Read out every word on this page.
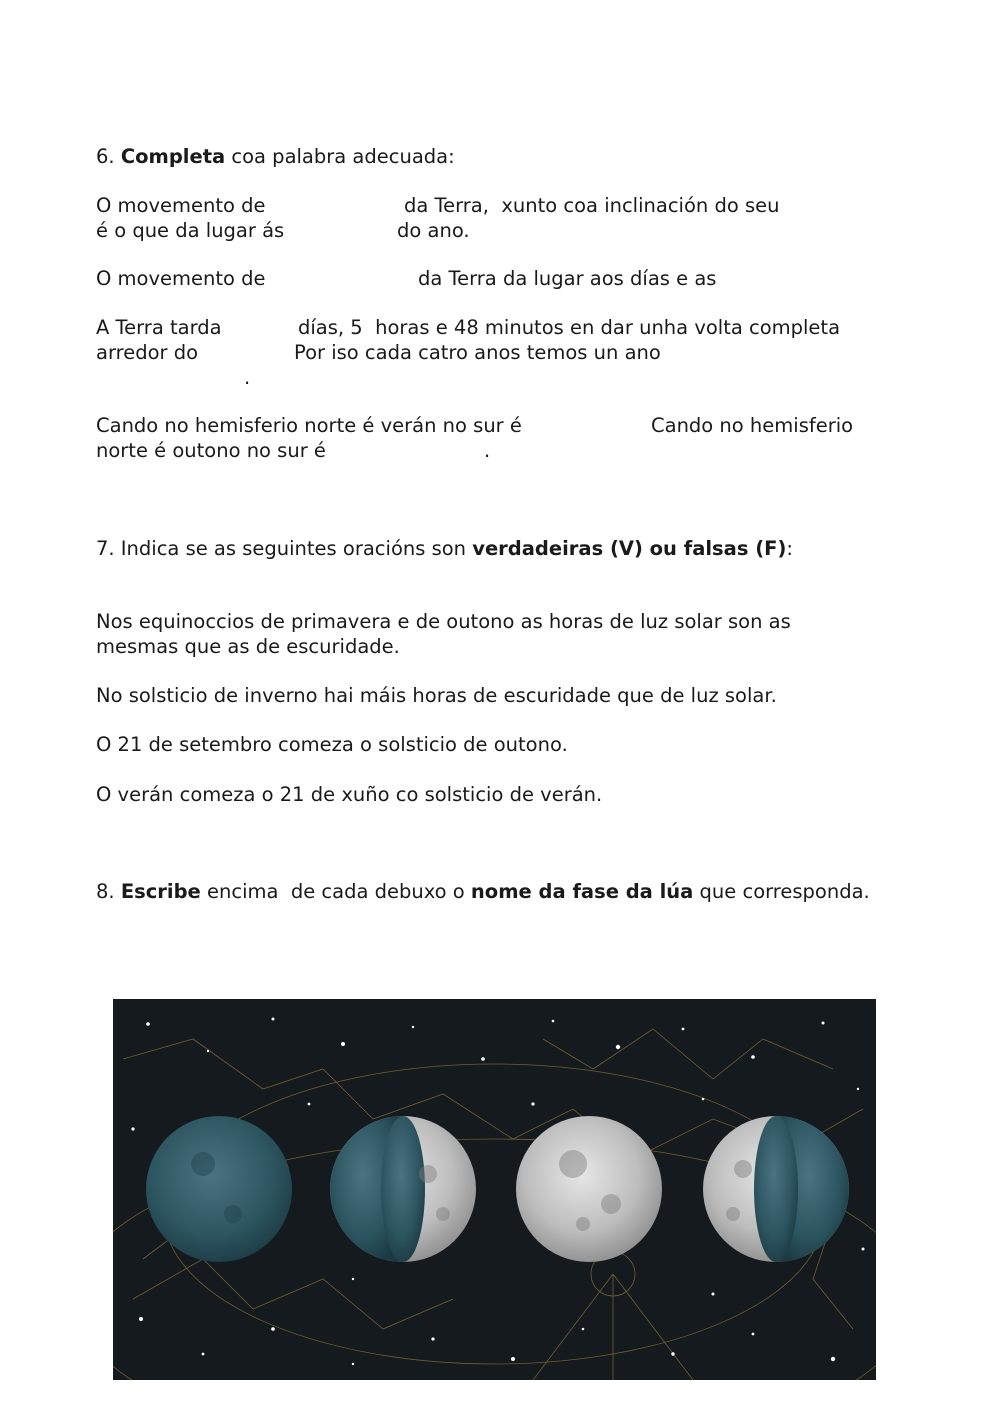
6. Completa coa palabra adecuada:
O movemento de	da Terra,  xunto coa inclinación do seu
é o que da lugar ás	do ano.
O movemento de	da Terra da lugar aos días e as
A Terra tarda	días, 5  horas e 48 minutos en dar unha volta completa
arredor do	Por iso cada catro anos temos un ano
.
Cando no hemisferio norte é verán no sur é	Cando no hemisferio
norte é outono no sur é	.
7. Indica se as seguintes oracións son verdadeiras (V) ou falsas (F):
Nos equinoccios de primavera e de outono as horas de luz solar son as
mesmas que as de escuridade.
No solsticio de inverno hai máis horas de escuridade que de luz solar.
O 21 de setembro comeza o solsticio de outono.
O verán comeza o 21 de xuño co solsticio de verán.
8. Escribe encima  de cada debuxo o nome da fase da lúa que corresponda.
